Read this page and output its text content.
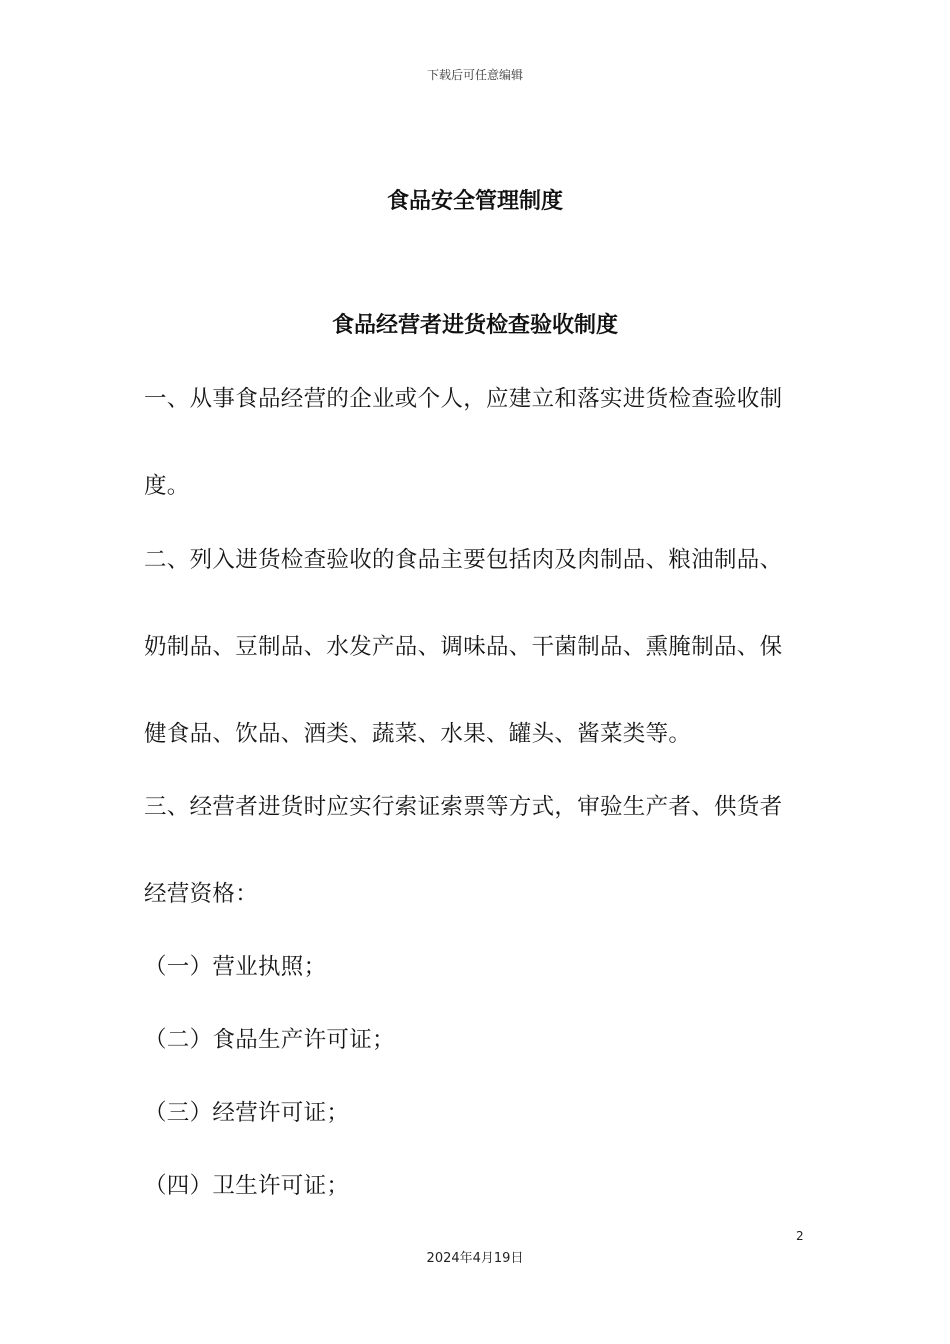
下载后可任意编辑
食品安全管理制度
食品经营者进货检查验收制度
一、从事食品经营的企业或个人，应建立和落实进货检查验收制
度。
二、列入进货检查验收的食品主要包括肉及肉制品、粮油制品、
奶制品、豆制品、水发产品、调味品、干菌制品、熏腌制品、保
健食品、饮品、酒类、蔬菜、水果、罐头、酱菜类等。
三、经营者进货时应实行索证索票等方式，审验生产者、供货者
经营资格：
（一）营业执照；
（二）食品生产许可证；
（三）经营许可证；
（四）卫生许可证；
2
2024年4月19日
